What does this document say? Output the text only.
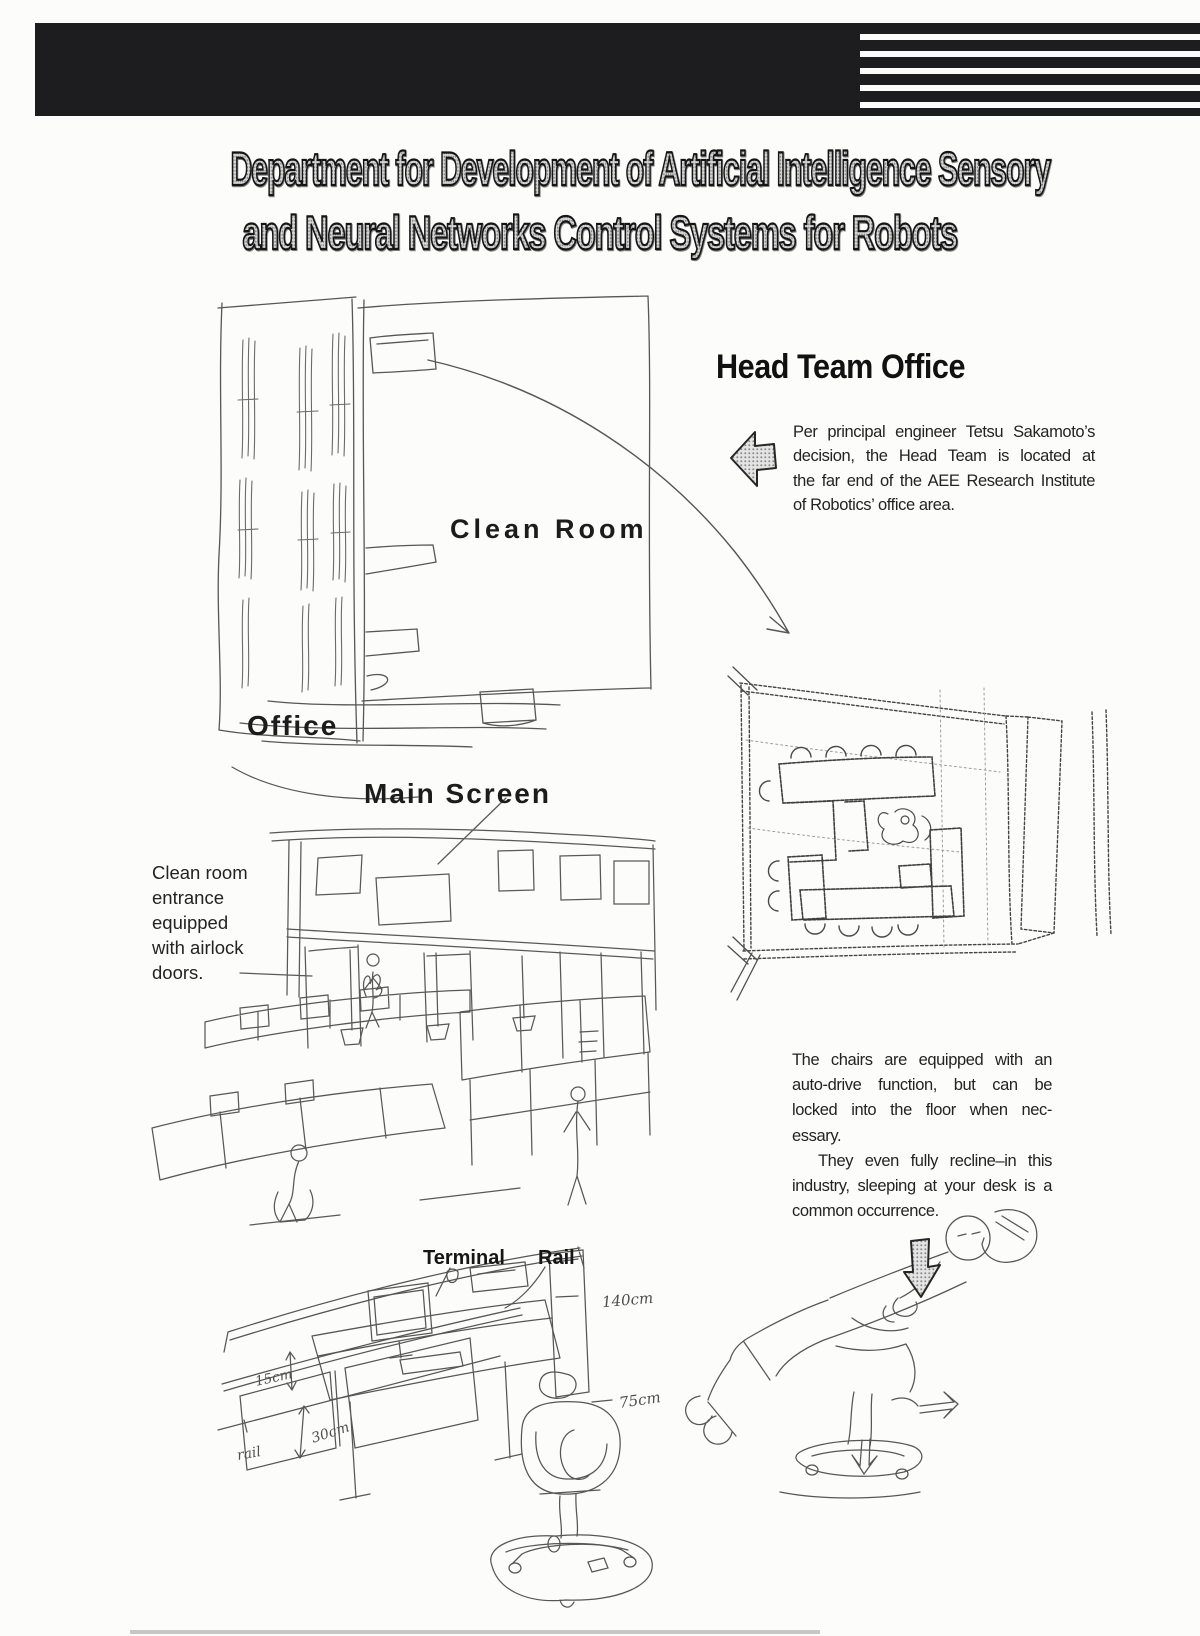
Department for Development of Artificial Intelligence Sensory
and Neural Networks Control Systems for Robots
Clean Room
Office
Main Screen
Head Team Office
Per principal engineer Tetsu Sakamoto’s
decision, the Head Team is located at
the far end of the AEE Research Institute
of Robotics’ office area.
Clean room
entrance
equipped
with airlock
doors.
The chairs are equipped with an
auto-drive function, but can be
locked into the floor when nec-
essary.
They even fully recline–in this
industry, sleeping at your desk is a
common occurrence.
Terminal Rail
140cm
75cm
15cm
30cm
rail
